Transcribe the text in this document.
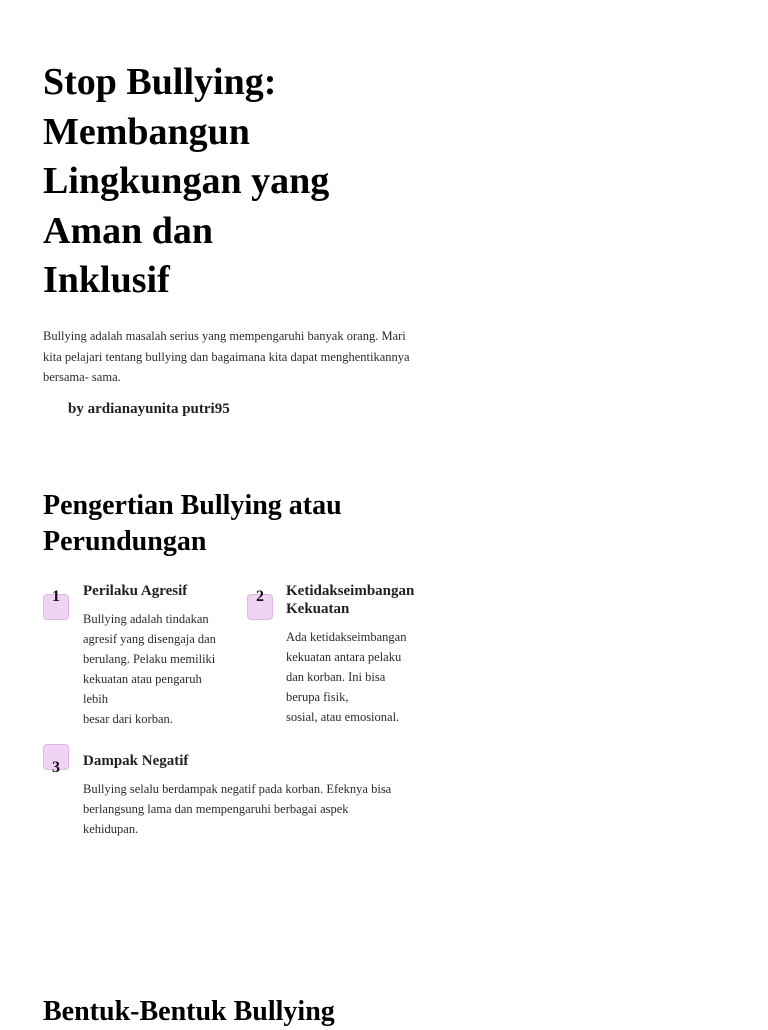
Stop Bullying:
Membangun
Lingkungan yang
Aman dan
Inklusif

Bullying adalah masalah serius yang mempengaruhi banyak orang. Mari
kita pelajari tentang bullying dan bagaimana kita dapat menghentikannya
bersama- sama.

by ardianayunita putri95

Pengertian Bullying atau
Perundungan
1 Perilaku Agresif

Bullying adalah tindakan
agresif yang disengaja dan
berulang. Pelaku memiliki
kekuatan atau pengaruh
lebih
besar dari korban.

2 Ketidakseimbangan
Kekuatan

Ada ketidakseimbangan
kekuatan antara pelaku
dan korban. Ini bisa
berupa fisik,
sosial, atau emosional.

3 Dampak Negatif

Bullying selalu berdampak negatif pada korban. Efeknya bisa
berlangsung lama dan mempengaruhi berbagai aspek
kehidupan.

Bentuk-Bentuk Bullying
